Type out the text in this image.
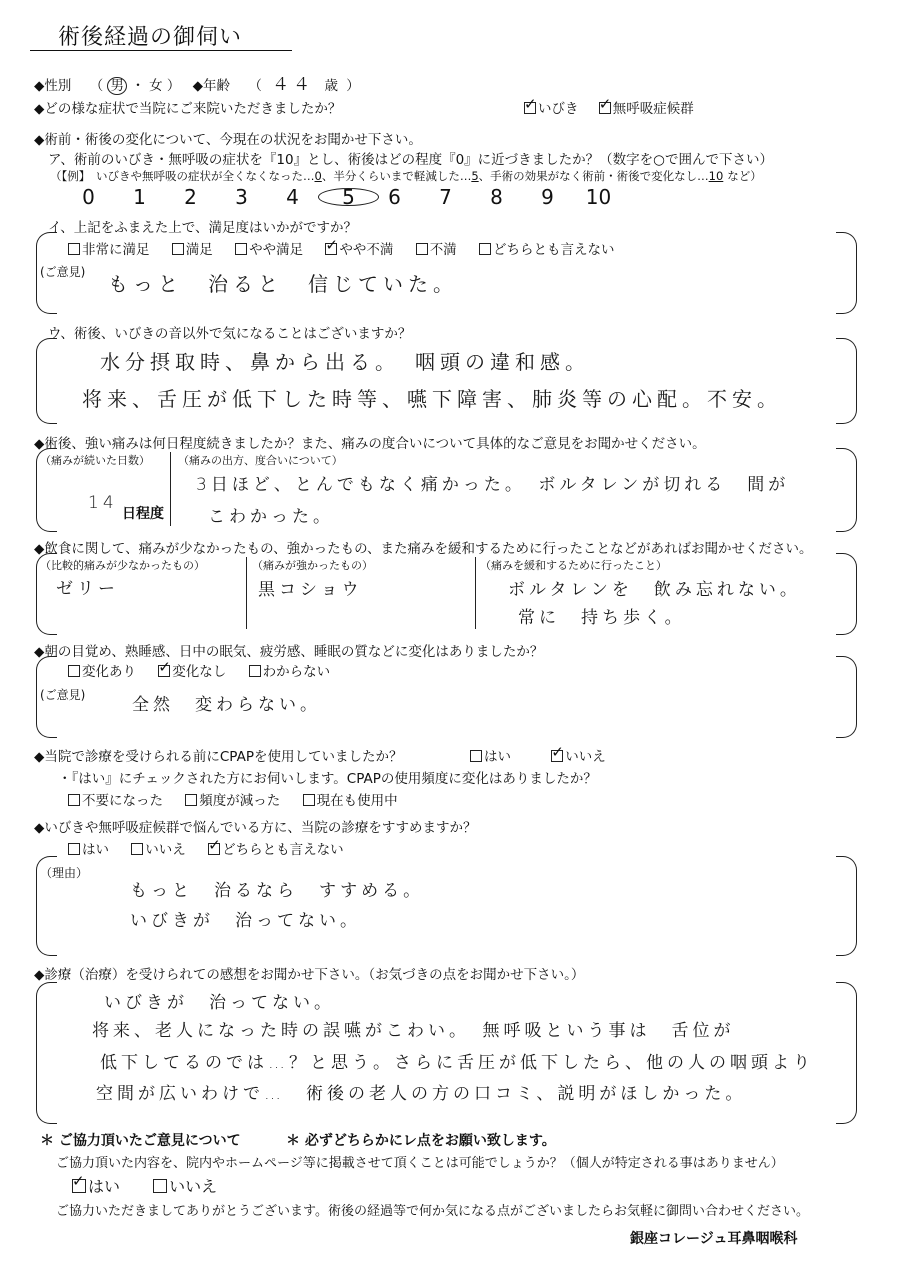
術後経過の御伺い
◆性別 （ 男 ・ 女 ） ◆年齢 （ ４４ 歳 ）
◆どの様な症状で当院にご来院いただきましたか？ ✓	いびき ✓	無呼吸症候群
◆術前・術後の変化について、今現在の状況をお聞かせ下さい。
ア、術前のいびき・無呼吸の症状を『10』とし、術後はどの程度『0』に近づきましたか？（数字を○で囲んで下さい）
（【例】　いびきや無呼吸の症状が全くなくなった…0、半分くらいまで軽減した…5、手術の効果がなく術前・術後で変化なし…10 など）
0 1 2 3 4 5 6 7 8 9 10
イ、上記をふまえた上で、満足度はいかがですか？
非常に満足	満足	やや満足 ✓	やや不満	不満	どちらとも言えない
(ご意見) もっと　治ると　信じていた。
ウ、術後、いびきの音以外で気になることはございますか？
水分摂取時、鼻から出る。　咽頭の違和感。
将来、舌圧が低下した時等、嚥下障害、肺炎等の心配。不安。
◆術後、強い痛みは何日程度続きましたか？また、痛みの度合いについて具体的なご意見をお聞かせください。
（痛みが続いた日数）
14
日程度
（痛みの出方、度合いについて）
3日ほど、とんでもなく痛かった。　ボルタレンが切れる　間が
こわかった。
◆飲食に関して、痛みが少なかったもの、強かったもの、また痛みを緩和するために行ったことなどがあればお聞かせください。
（比較的痛みが少なかったもの）
ゼリー
（痛みが強かったもの）
黒コショウ
（痛みを緩和するために行ったこと）
ボルタレンを　飲み忘れない。
常に　持ち歩く。
◆朝の目覚め、熟睡感、日中の眠気、疲労感、睡眠の質などに変化はありましたか？
変化あり ✓	変化なし	わからない
(ご意見)	全然　変わらない。
◆当院で診療を受けられる前にCPAPを使用していましたか？	はい ✓	いいえ
・『はい』にチェックされた方にお伺いします。CPAPの使用頻度に変化はありましたか？
不要になった	頻度が減った	現在も使用中
◆いびきや無呼吸症候群で悩んでいる方に、当院の診療をすすめますか？
はい	いいえ ✓	どちらとも言えない
（理由）
もっと　治るなら　すすめる。
いびきが　治ってない。
◆診療（治療）を受けられての感想をお聞かせ下さい。（お気づきの点をお聞かせ下さい。）
いびきが　治ってない。
将来、老人になった時の誤嚥がこわい。　無呼吸という事は　舌位が
低下してるのでは…？と思う。さらに舌圧が低下したら、他の人の咽頭より
空間が広いわけで…　術後の老人の方の口コミ、説明がほしかった。
＊ ご協力頂いたご意見について	＊ 必ずどちらかにレ点をお願い致します。
ご協力頂いた内容を、院内やホームページ等に掲載させて頂くことは可能でしょうか？（個人が特定される事はありません）
✓はい	いいえ
ご協力いただきましてありがとうございます。術後の経過等で何か気になる点がございましたらお気軽に御問い合わせください。
銀座コレージュ耳鼻咽喉科
